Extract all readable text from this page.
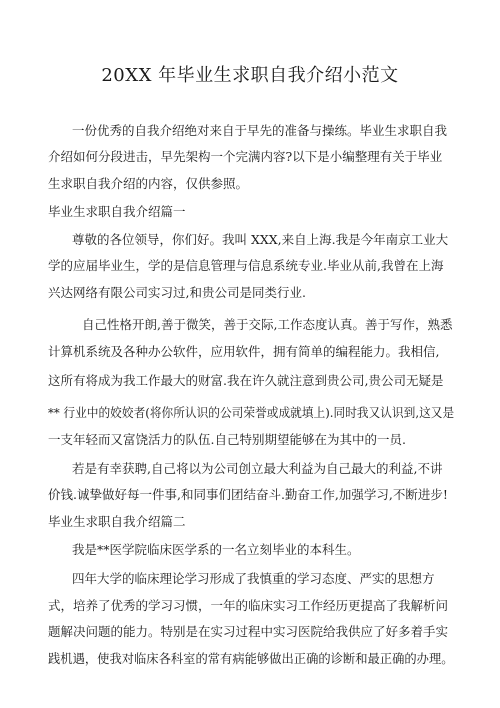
20XX 年毕业生求职自我介绍小范文
一份优秀的自我介绍绝对来自于早先的准备与操练。毕业生求职自我
介绍如何分段进击，早先架构一个完满内容?以下是小编整理有关于毕业
生求职自我介绍的内容，仅供参照。
毕业生求职自我介绍篇一
尊敬的各位领导，你们好。我叫 XXX,来自上海.我是今年南京工业大
学的应届毕业生，学的是信息管理与信息系统专业.毕业从前,我曾在上海
兴达网络有限公司实习过,和贵公司是同类行业.
自己性格开朗,善于微笑，善于交际,工作态度认真。善于写作，熟悉
计算机系统及各种办公软件，应用软件，拥有简单的编程能力。我相信,
这所有将成为我工作最大的财富.我在许久就注意到贵公司,贵公司无疑是
** 行业中的姣姣者(将你所认识的公司荣誉或成就填上).同时我又认识到,这又是
一支年轻而又富饶活力的队伍.自己特别期望能够在为其中的一员.
若是有幸获聘,自己将以为公司创立最大利益为自己最大的利益,不讲
价钱.诚挚做好每一件事,和同事们团结奋斗.勤奋工作,加强学习,不断进步!
毕业生求职自我介绍篇二
我是**医学院临床医学系的一名立刻毕业的本科生。
四年大学的临床理论学习形成了我慎重的学习态度、严实的思想方
式，培养了优秀的学习习惯，一年的临床实习工作经历更提高了我解析问
题解决问题的能力。特别是在实习过程中实习医院给我供应了好多着手实
践机遇，使我对临床各科室的常有病能够做出正确的诊断和最正确的办理。
